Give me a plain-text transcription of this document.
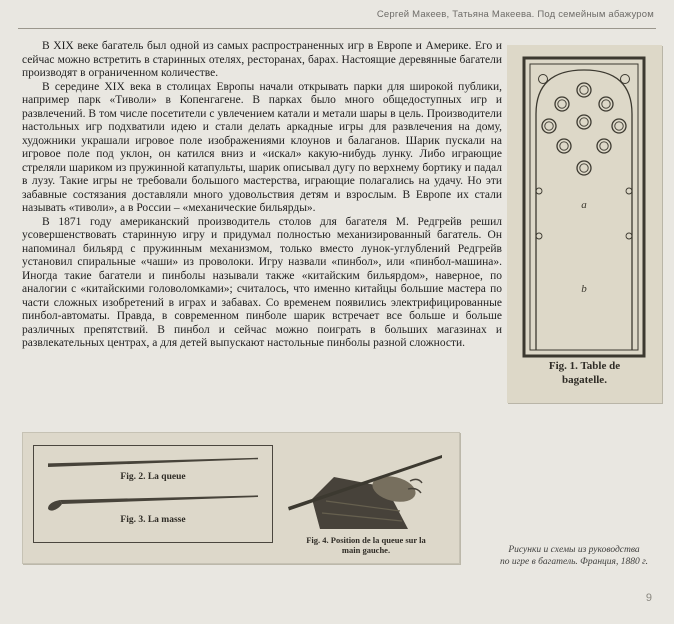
Сергей Макеев, Татьяна Макеева. Под семейным абажуром

В XIX веке багатель был одной из самых распространенных игр в Европе и Америке. Его и сейчас можно встретить в старинных отелях, ресторанах, барах. Настоящие деревянные багатели производят в ограниченном количестве.

В середине XIX века в столицах Европы начали открывать парки для широкой публики, например парк «Тиволи» в Копенгагене. В парках было много общедоступных игр и развлечений. В том числе посетители с увлечением катали и метали шары в цель. Производители настольных игр подхватили идею и стали делать аркадные игры для развлечения на дому, художники украшали игровое поле изображениями клоунов и балаганов. Шарик пускали на игровое поле под уклон, он катился вниз и «искал» какую-нибудь лунку. Либо играющие стреляли шариком из пружинной катапульты, шарик описывал дугу по верхнему бортику и падал в лузу. Такие игры не требовали большого мастерства, играющие полагались на удачу. Но эти забавные состязания доставляли много удовольствия детям и взрослым. В Европе их стали называть «тиволи», а в России – «механические бильярды».

В 1871 году американский производитель столов для багателя М. Редгрейв решил усовершенствовать старинную игру и придумал полностью механизированный багатель. Он напоминал бильярд с пружинным механизмом, только вместо лунок-углублений Редгрейв установил спиральные «чаши» из проволоки. Игру назвали «пинбол», или «пинбол-машина». Иногда такие багатели и пинболы называли также «китайским бильярдом», наверное, по аналогии с «китайскими головоломками»; считалось, что именно китайцы большие мастера по части сложных изобретений в играх и забавах. Со временем появились электрифицированные пинбол-автоматы. Правда, в современном пинболе шарик встречает все больше и больше различных препятствий. В пинбол и сейчас можно поиграть в больших магазинах и развлекательных центрах, а для детей выпускают настольные пинболы разной сложности.

a
b
Fig. 1. Table de
bagatelle.
Fig. 2. La queue
Fig. 3. La masse
Fig. 4. Position de la queue sur la
main gauche.	Рисунки и схемы из руководства
по игре в багатель. Франция, 1880 г.
9
